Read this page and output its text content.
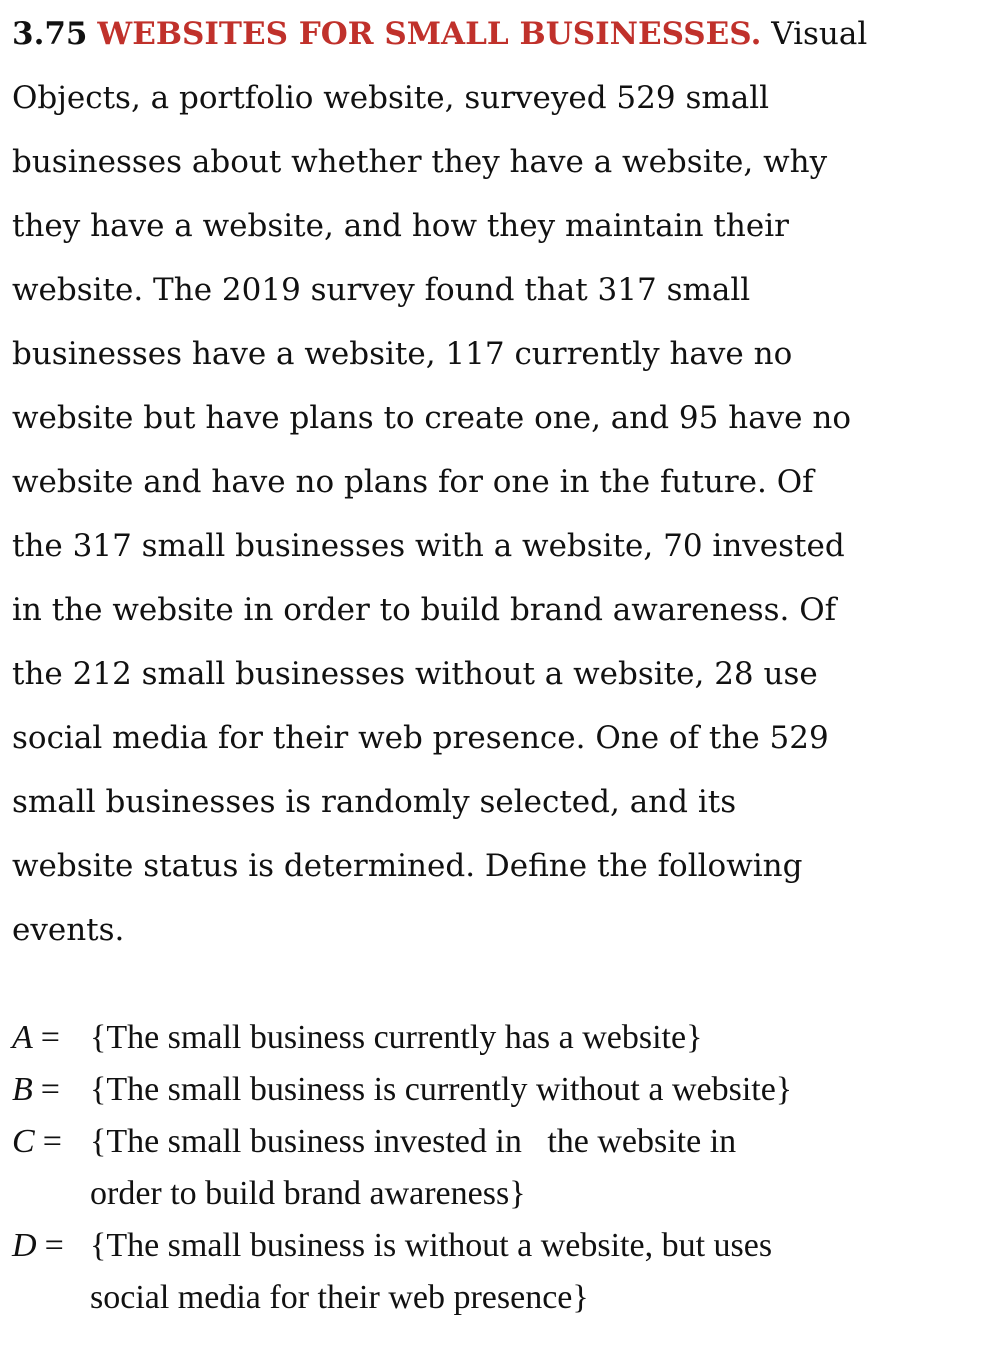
3.75 WEBSITES FOR SMALL BUSINESSES. Visual
Objects, a portfolio website, surveyed 529 small
businesses about whether they have a website, why
they have a website, and how they maintain their
website. The 2019 survey found that 317 small
businesses have a website, 117 currently have no
website but have plans to create one, and 95 have no
website and have no plans for one in the future. Of
the 317 small businesses with a website, 70 invested
in the website in order to build brand awareness. Of
the 212 small businesses without a website, 28 use
social media for their web presence. One of the 529
small businesses is randomly selected, and its
website status is determined. Define the following
events.

A = {The small business currently has a website}
B = {The small business is currently without a website}
C = {The small business invested in   the website in
order to build brand awareness}
D = {The small business is without a website, but uses
social media for their web presence}
